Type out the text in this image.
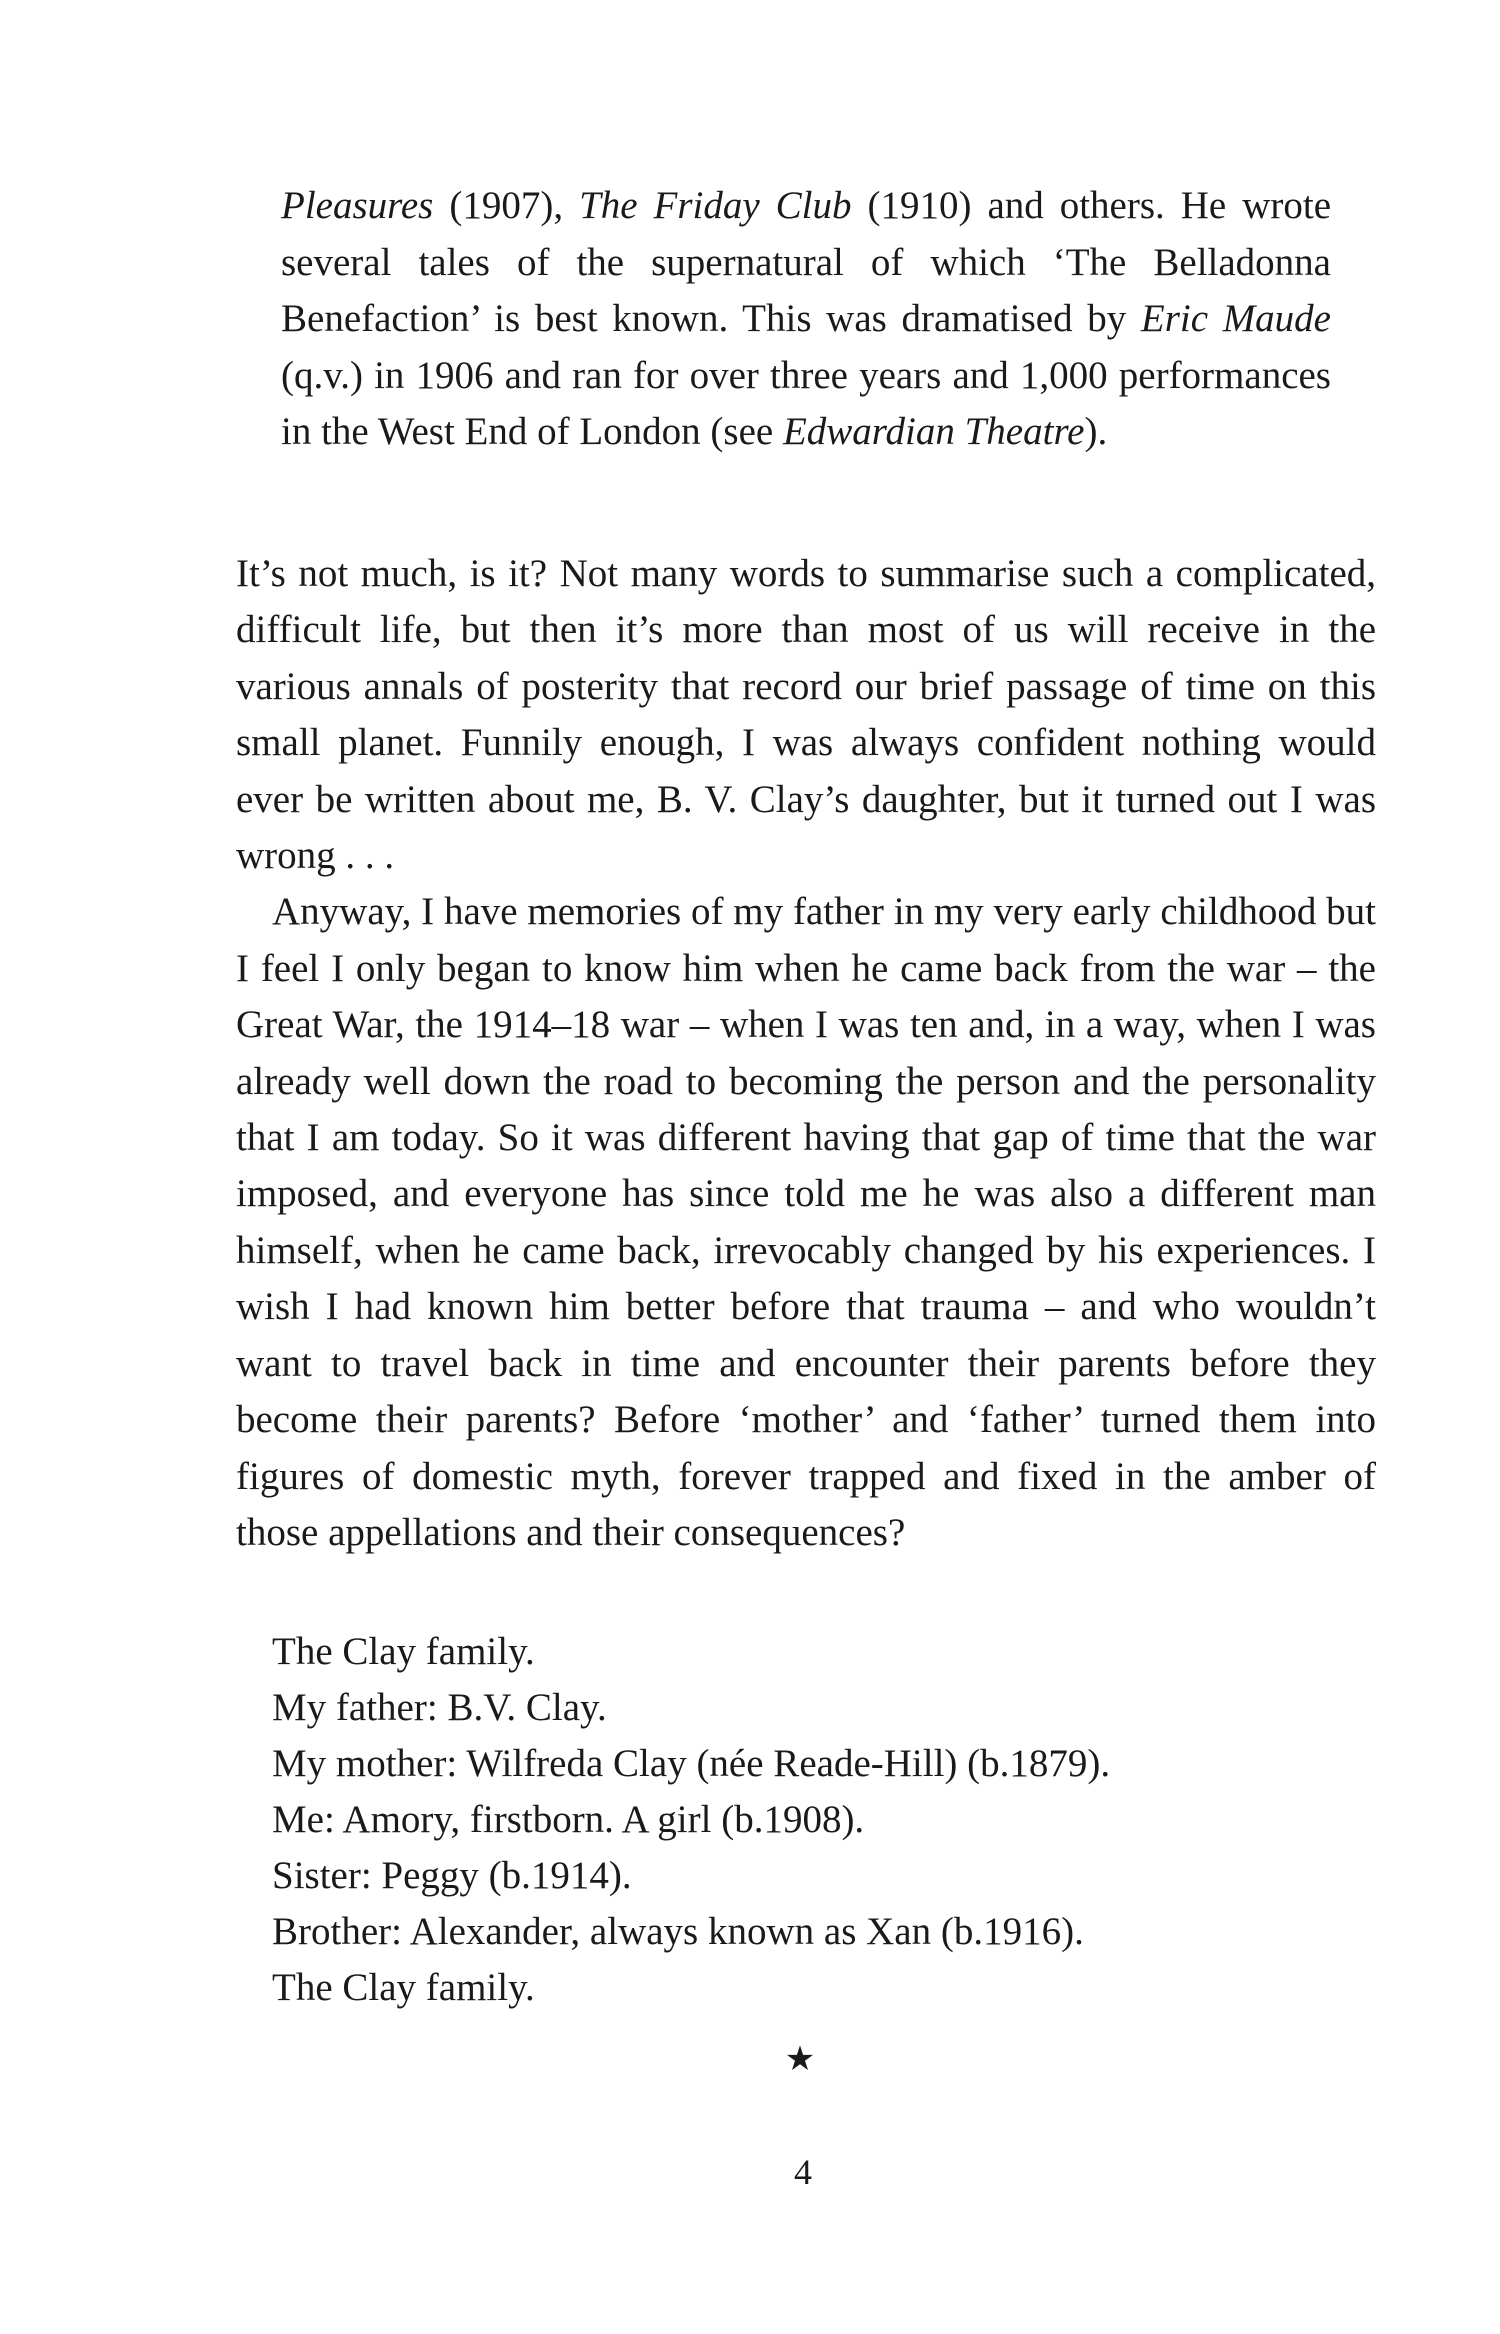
Pleasures (1907), The Friday Club (1910) and others. He wrote several tales of the supernatural of which ‘The Belladonna Benefaction’ is best known. This was dramatised by Eric Maude (q.v.) in 1906 and ran for over three years and 1,000 performances in the West End of London (see Edwardian Theatre).

It’s not much, is it? Not many words to summarise such a complicated, difficult life, but then it’s more than most of us will receive in the various annals of posterity that record our brief passage of time on this small planet. Funnily enough, I was always confident nothing would ever be written about me, B. V. Clay’s daughter, but it turned out I was wrong . . .

Anyway, I have memories of my father in my very early childhood but I feel I only began to know him when he came back from the war – the Great War, the 1914–18 war – when I was ten and, in a way, when I was already well down the road to becoming the person and the personality that I am today. So it was different having that gap of time that the war imposed, and everyone has since told me he was also a different man himself, when he came back, irrevocably changed by his experiences. I wish I had known him better before that trauma – and who wouldn’t want to travel back in time and encounter their parents before they become their parents? Before ‘mother’ and ‘father’ turned them into figures of domestic myth, forever trapped and fixed in the amber of those appellations and their consequences?

The Clay family.
My father: B.V. Clay.
My mother: Wilfreda Clay (née Reade-Hill) (b.1879).
Me: Amory, firstborn. A girl (b.1908).
Sister: Peggy (b.1914).
Brother: Alexander, always known as Xan (b.1916).
The Clay family.
★
4
